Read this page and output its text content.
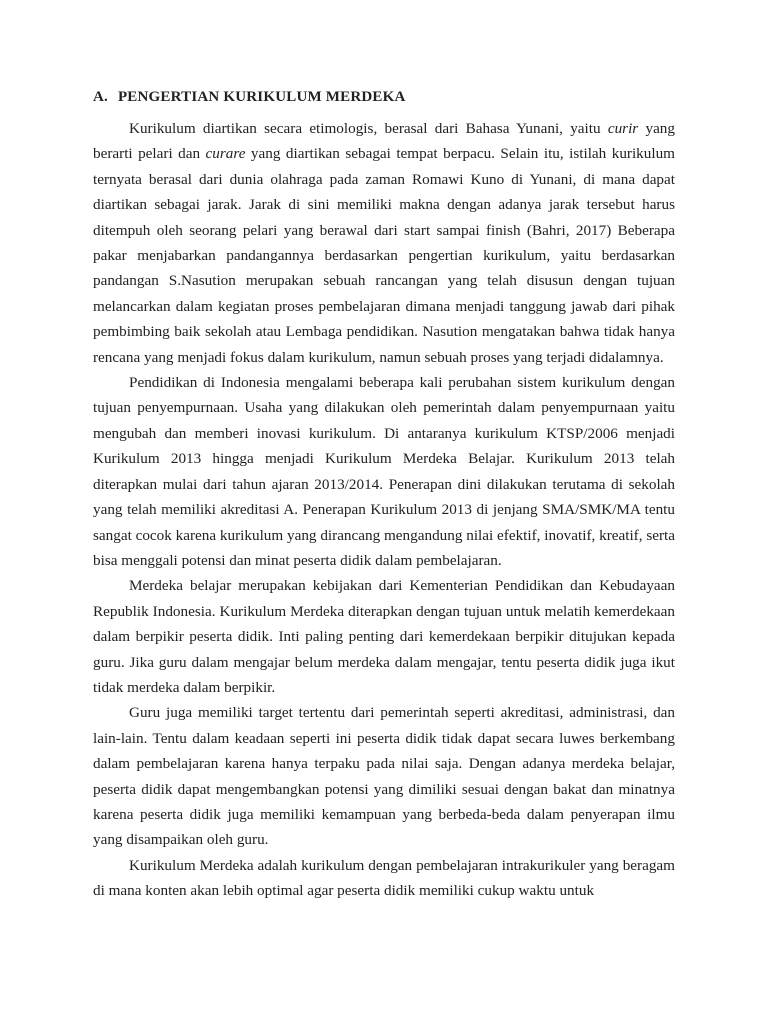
A. PENGERTIAN KURIKULUM MERDEKA

Kurikulum diartikan secara etimologis, berasal dari Bahasa Yunani, yaitu curir yang berarti pelari dan curare yang diartikan sebagai tempat berpacu. Selain itu, istilah kurikulum ternyata berasal dari dunia olahraga pada zaman Romawi Kuno di Yunani, di mana dapat diartikan sebagai jarak. Jarak di sini memiliki makna dengan adanya jarak tersebut harus ditempuh oleh seorang pelari yang berawal dari start sampai finish (Bahri, 2017) Beberapa pakar menjabarkan pandangannya berdasarkan pengertian kurikulum, yaitu berdasarkan pandangan S.Nasution merupakan sebuah rancangan yang telah disusun dengan tujuan melancarkan dalam kegiatan proses pembelajaran dimana menjadi tanggung jawab dari pihak pembimbing baik sekolah atau Lembaga pendidikan. Nasution mengatakan bahwa tidak hanya rencana yang menjadi fokus dalam kurikulum, namun sebuah proses yang terjadi didalamnya.

Pendidikan di Indonesia mengalami beberapa kali perubahan sistem kurikulum dengan tujuan penyempurnaan. Usaha yang dilakukan oleh pemerintah dalam penyempurnaan yaitu mengubah dan memberi inovasi kurikulum. Di antaranya kurikulum KTSP/2006 menjadi Kurikulum 2013 hingga menjadi Kurikulum Merdeka Belajar. Kurikulum 2013 telah diterapkan mulai dari tahun ajaran 2013/2014. Penerapan dini dilakukan terutama di sekolah yang telah memiliki akreditasi A. Penerapan Kurikulum 2013 di jenjang SMA/SMK/MA tentu sangat cocok karena kurikulum yang dirancang mengandung nilai efektif, inovatif, kreatif, serta bisa menggali potensi dan minat peserta didik dalam pembelajaran.

Merdeka belajar merupakan kebijakan dari Kementerian Pendidikan dan Kebudayaan Republik Indonesia. Kurikulum Merdeka diterapkan dengan tujuan untuk melatih kemerdekaan dalam berpikir peserta didik. Inti paling penting dari kemerdekaan berpikir ditujukan kepada guru. Jika guru dalam mengajar belum merdeka dalam mengajar, tentu peserta didik juga ikut tidak merdeka dalam berpikir.

Guru juga memiliki target tertentu dari pemerintah seperti akreditasi, administrasi, dan lain-lain. Tentu dalam keadaan seperti ini peserta didik tidak dapat secara luwes berkembang dalam pembelajaran karena hanya terpaku pada nilai saja. Dengan adanya merdeka belajar, peserta didik dapat mengembangkan potensi yang dimiliki sesuai dengan bakat dan minatnya karena peserta didik juga memiliki kemampuan yang berbeda-beda dalam penyerapan ilmu yang disampaikan oleh guru.

Kurikulum Merdeka adalah kurikulum dengan pembelajaran intrakurikuler yang beragam di mana konten akan lebih optimal agar peserta didik memiliki cukup waktu untuk
